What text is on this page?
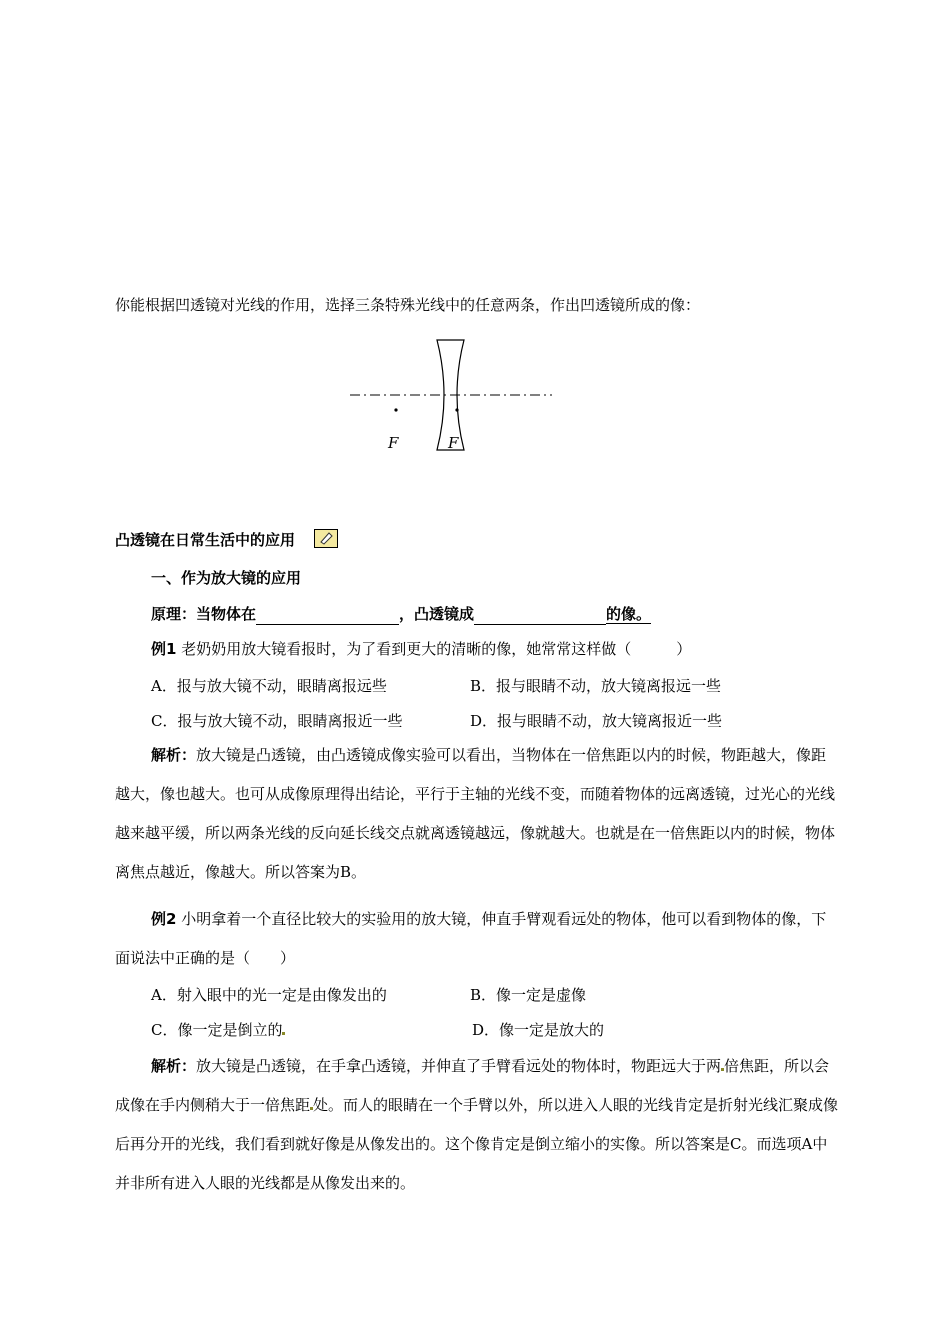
你能根据凹透镜对光线的作用，选择三条特殊光线中的任意两条，作出凹透镜所成的像：
F	F
凸透镜在日常生活中的应用
一、作为放大镜的应用
原理：当物体在	，凸透镜成	的像。
例1 老奶奶用放大镜看报时，为了看到更大的清晰的像，她常常这样做（　　　）
A．报与放大镜不动，眼睛离报远些	B．报与眼睛不动，放大镜离报远一些
C．报与放大镜不动，眼睛离报近一些	D．报与眼睛不动，放大镜离报近一些
解析：放大镜是凸透镜，由凸透镜成像实验可以看出，当物体在一倍焦距以内的时候，物距越大，像距越大，像也越大。也可从成像原理得出结论，平行于主轴的光线不变，而随着物体的远离透镜，过光心的光线越来越平缓，所以两条光线的反向延长线交点就离透镜越远，像就越大。也就是在一倍焦距以内的时候，物体离焦点越近，像越大。所以答案为B。
例2 小明拿着一个直径比较大的实验用的放大镜，伸直手臂观看远处的物体，他可以看到物体的像，下面说法中正确的是（　　）
A．射入眼中的光一定是由像发出的	B．像一定是虚像
C．像一定是倒立的	D．像一定是放大的
解析：放大镜是凸透镜，在手拿凸透镜，并伸直了手臂看远处的物体时，物距远大于两 倍焦距，所以会成像在手内侧稍大于一倍焦距 处。而人的眼睛在一个手臂以外，所以进入人眼的光线肯定是折射光线汇聚成像后再分开的光线，我们看到就好像是从像发出的。这个像肯定是倒立缩小的实像。所以答案是C。而选项A中并非所有进入人眼的光线都是从像发出来的。
